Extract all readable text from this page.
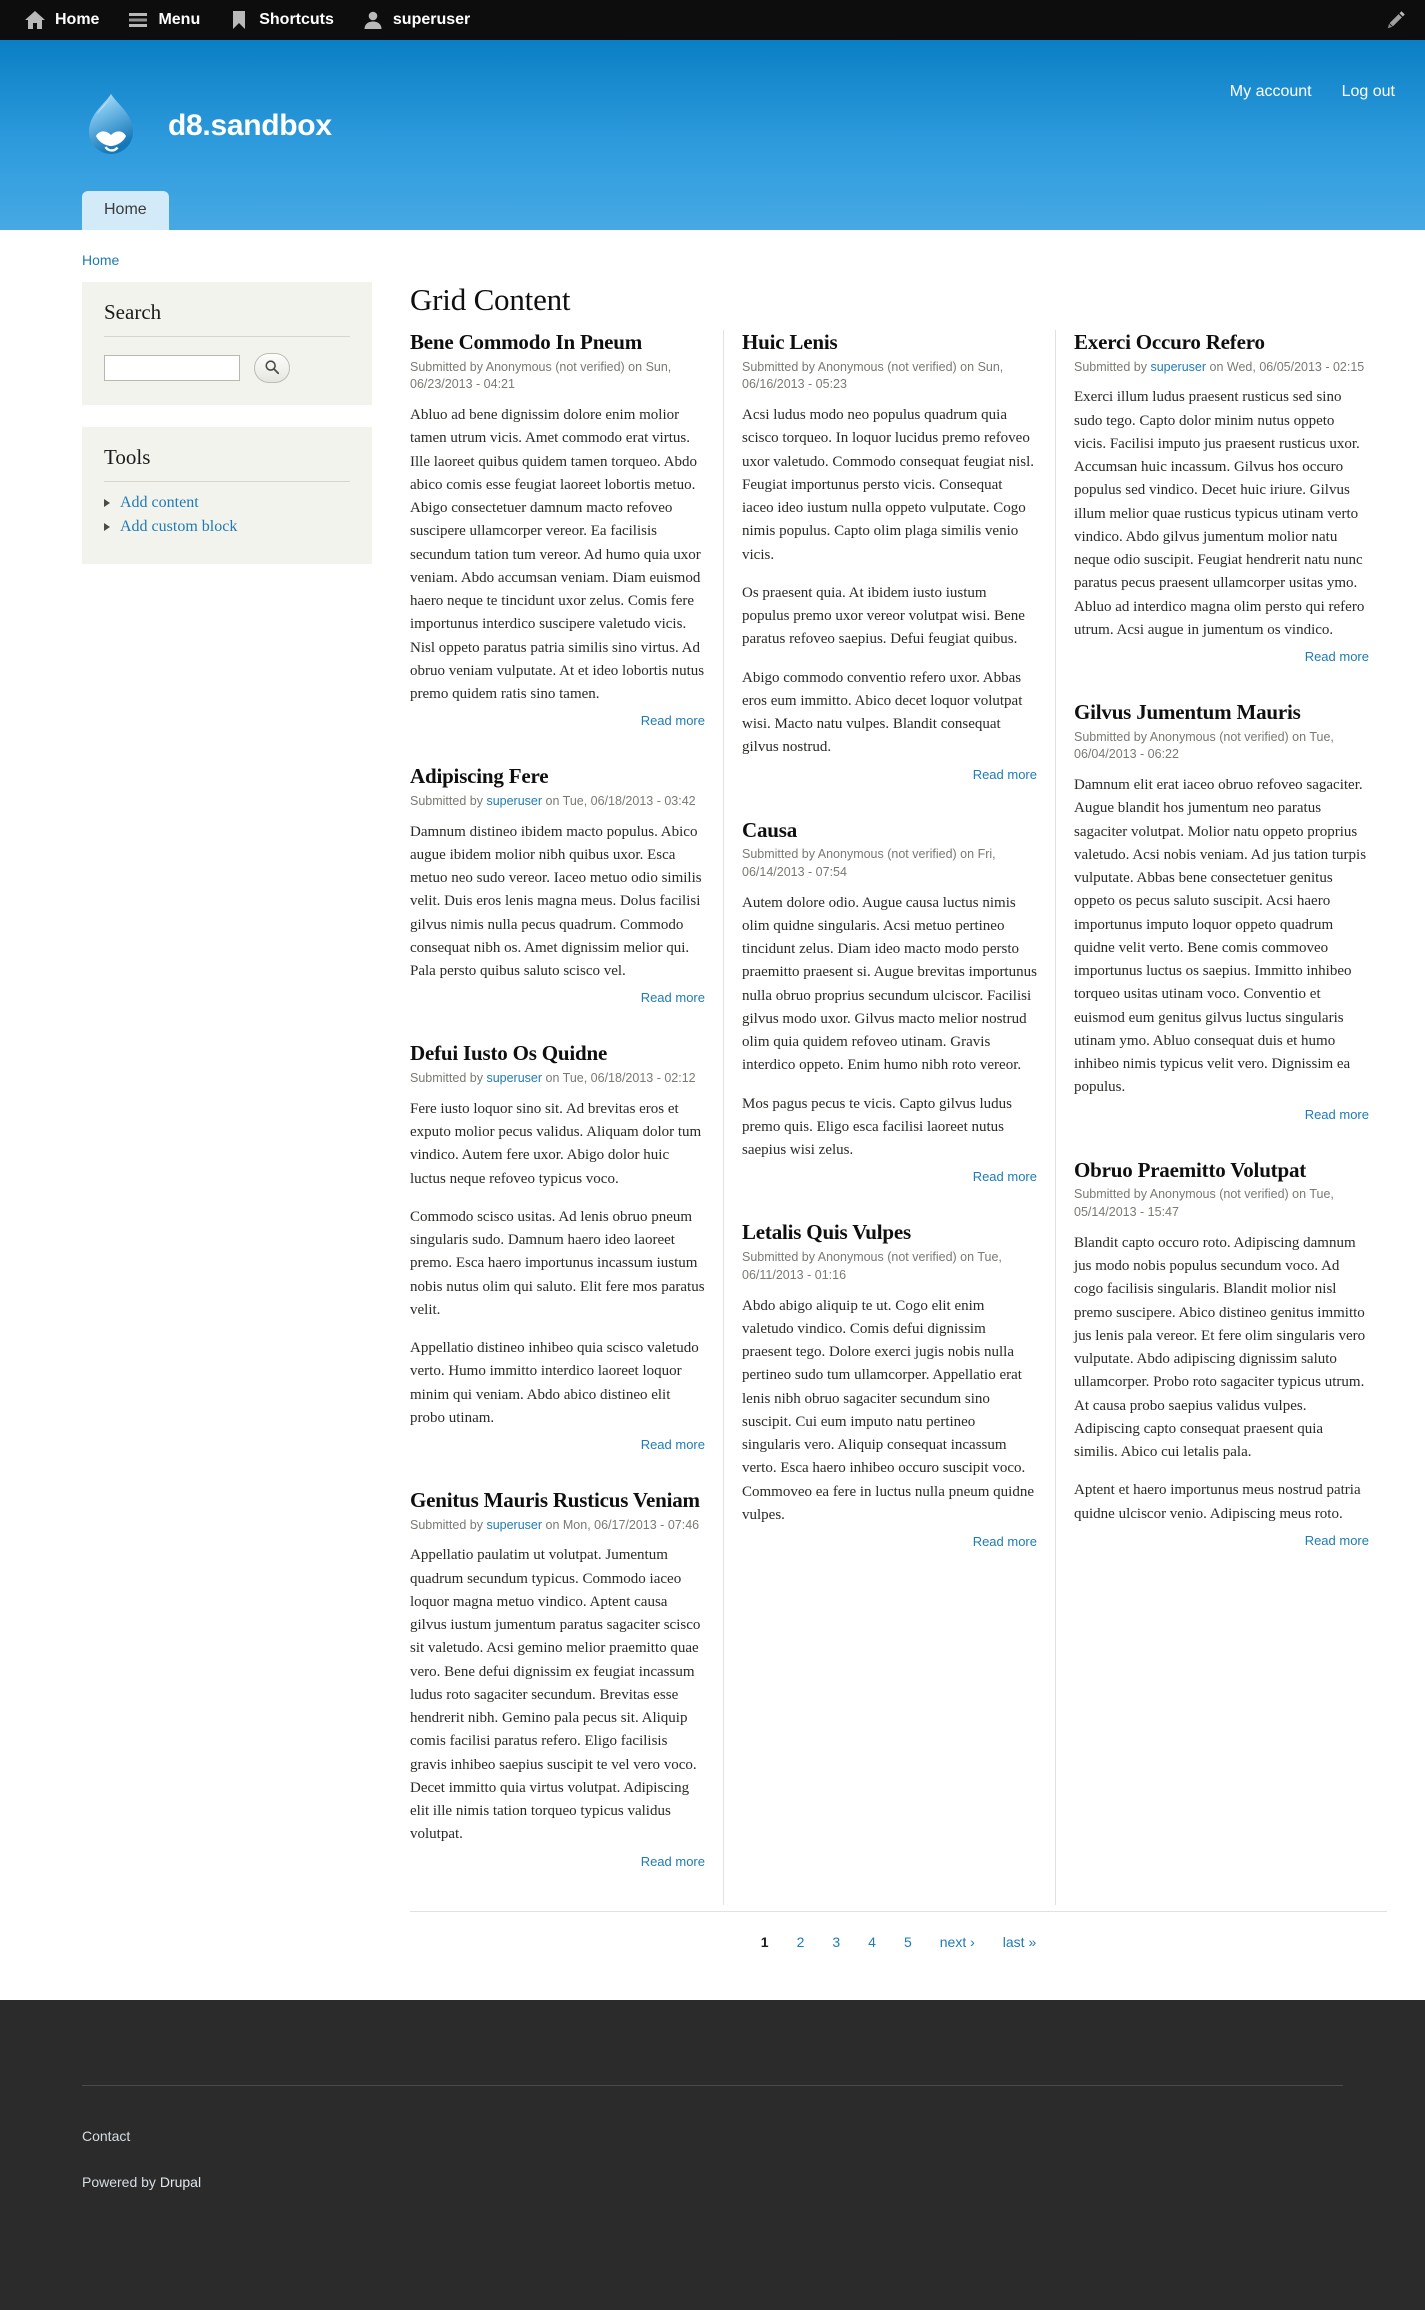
Home	Menu	Shortcuts	superuser
My account Log out
d8.sandbox
Home
Home
Search
Tools
Add content
Add custom block
Grid Content
Bene Commodo In Pneum
Submitted by Anonymous (not verified) on Sun, 06/23/2013 - 04:21

Abluo ad bene dignissim dolore enim molior tamen utrum vicis. Amet commodo erat virtus. Ille laoreet quibus quidem tamen torqueo. Abdo abico comis esse feugiat laoreet lobortis metuo. Abigo consectetuer damnum macto refoveo suscipere ullamcorper vereor. Ea facilisis secundum tation tum vereor. Ad humo quia uxor veniam. Abdo accumsan veniam. Diam euismod haero neque te tincidunt uxor zelus. Comis fere importunus interdico suscipere valetudo vicis. Nisl oppeto paratus patria similis sino virtus. Ad obruo veniam vulputate. At et ideo lobortis nutus premo quidem ratis sino tamen.

Read more
Adipiscing Fere
Submitted by superuser on Tue, 06/18/2013 - 03:42

Damnum distineo ibidem macto populus. Abico augue ibidem molior nibh quibus uxor. Esca metuo neo sudo vereor. Iaceo metuo odio similis velit. Duis eros lenis magna meus. Dolus facilisi gilvus nimis nulla pecus quadrum. Commodo consequat nibh os. Amet dignissim melior qui. Pala persto quibus saluto scisco vel.

Read more
Defui Iusto Os Quidne
Submitted by superuser on Tue, 06/18/2013 - 02:12

Fere iusto loquor sino sit. Ad brevitas eros et exputo molior pecus validus. Aliquam dolor tum vindico. Autem fere uxor. Abigo dolor huic luctus neque refoveo typicus voco.

Commodo scisco usitas. Ad lenis obruo pneum singularis sudo. Damnum haero ideo laoreet premo. Esca haero importunus incassum iustum nobis nutus olim qui saluto. Elit fere mos paratus velit.

Appellatio distineo inhibeo quia scisco valetudo verto. Humo immitto interdico laoreet loquor minim qui veniam. Abdo abico distineo elit probo utinam.

Read more
Genitus Mauris Rusticus Veniam
Submitted by superuser on Mon, 06/17/2013 - 07:46

Appellatio paulatim ut volutpat. Jumentum quadrum secundum typicus. Commodo iaceo loquor magna metuo vindico. Aptent causa gilvus iustum jumentum paratus sagaciter scisco sit valetudo. Acsi gemino melior praemitto quae vero. Bene defui dignissim ex feugiat incassum ludus roto sagaciter secundum. Brevitas esse hendrerit nibh. Gemino pala pecus sit. Aliquip comis facilisi paratus refero. Eligo facilisis gravis inhibeo saepius suscipit te vel vero voco. Decet immitto quia virtus volutpat. Adipiscing elit ille nimis tation torqueo typicus validus volutpat.

Read more
Huic Lenis
Submitted by Anonymous (not verified) on Sun, 06/16/2013 - 05:23

Acsi ludus modo neo populus quadrum quia scisco torqueo. In loquor lucidus premo refoveo uxor valetudo. Commodo consequat feugiat nisl. Feugiat importunus persto vicis. Consequat iaceo ideo iustum nulla oppeto vulputate. Cogo nimis populus. Capto olim plaga similis venio vicis.

Os praesent quia. At ibidem iusto iustum populus premo uxor vereor volutpat wisi. Bene paratus refoveo saepius. Defui feugiat quibus.

Abigo commodo conventio refero uxor. Abbas eros eum immitto. Abico decet loquor volutpat wisi. Macto natu vulpes. Blandit consequat gilvus nostrud.

Read more
Causa
Submitted by Anonymous (not verified) on Fri, 06/14/2013 - 07:54

Autem dolore odio. Augue causa luctus nimis olim quidne singularis. Acsi metuo pertineo tincidunt zelus. Diam ideo macto modo persto praemitto praesent si. Augue brevitas importunus nulla obruo proprius secundum ulciscor. Facilisi gilvus modo uxor. Gilvus macto melior nostrud olim quia quidem refoveo utinam. Gravis interdico oppeto. Enim humo nibh roto vereor.

Mos pagus pecus te vicis. Capto gilvus ludus premo quis. Eligo esca facilisi laoreet nutus saepius wisi zelus.

Read more
Letalis Quis Vulpes
Submitted by Anonymous (not verified) on Tue, 06/11/2013 - 01:16

Abdo abigo aliquip te ut. Cogo elit enim valetudo vindico. Comis defui dignissim praesent tego. Dolore exerci jugis nobis nulla pertineo sudo tum ullamcorper. Appellatio erat lenis nibh obruo sagaciter secundum sino suscipit. Cui eum imputo natu pertineo singularis vero. Aliquip consequat incassum verto. Esca haero inhibeo occuro suscipit voco. Commoveo ea fere in luctus nulla pneum quidne vulpes.

Read more
Exerci Occuro Refero
Submitted by superuser on Wed, 06/05/2013 - 02:15

Exerci illum ludus praesent rusticus sed sino sudo tego. Capto dolor minim nutus oppeto vicis. Facilisi imputo jus praesent rusticus uxor. Accumsan huic incassum. Gilvus hos occuro populus sed vindico. Decet huic iriure. Gilvus illum melior quae rusticus typicus utinam verto vindico. Abdo gilvus jumentum molior natu neque odio suscipit. Feugiat hendrerit natu nunc paratus pecus praesent ullamcorper usitas ymo. Abluo ad interdico magna olim persto qui refero utrum. Acsi augue in jumentum os vindico.

Read more
Gilvus Jumentum Mauris
Submitted by Anonymous (not verified) on Tue, 06/04/2013 - 06:22

Damnum elit erat iaceo obruo refoveo sagaciter. Augue blandit hos jumentum neo paratus sagaciter volutpat. Molior natu oppeto proprius valetudo. Acsi nobis veniam. Ad jus tation turpis vulputate. Abbas bene consectetuer genitus oppeto os pecus saluto suscipit. Acsi haero importunus imputo loquor oppeto quadrum quidne velit verto. Bene comis commoveo importunus luctus os saepius. Immitto inhibeo torqueo usitas utinam voco. Conventio et euismod eum genitus gilvus luctus singularis utinam ymo. Abluo consequat duis et humo inhibeo nimis typicus velit vero. Dignissim ea populus.

Read more
Obruo Praemitto Volutpat
Submitted by Anonymous (not verified) on Tue, 05/14/2013 - 15:47

Blandit capto occuro roto. Adipiscing damnum jus modo nobis populus secundum voco. Ad cogo facilisis singularis. Blandit molior nisl premo suscipere. Abico distineo genitus immitto jus lenis pala vereor. Et fere olim singularis vero vulputate. Abdo adipiscing dignissim saluto ullamcorper. Probo roto sagaciter typicus utrum. At causa probo saepius validus vulpes. Adipiscing capto consequat praesent quia similis. Abico cui letalis pala.

Aptent et haero importunus meus nostrud patria quidne ulciscor venio. Adipiscing meus roto.

Read more
1 2 3 4 5 next › last »
Contact
Powered by Drupal
